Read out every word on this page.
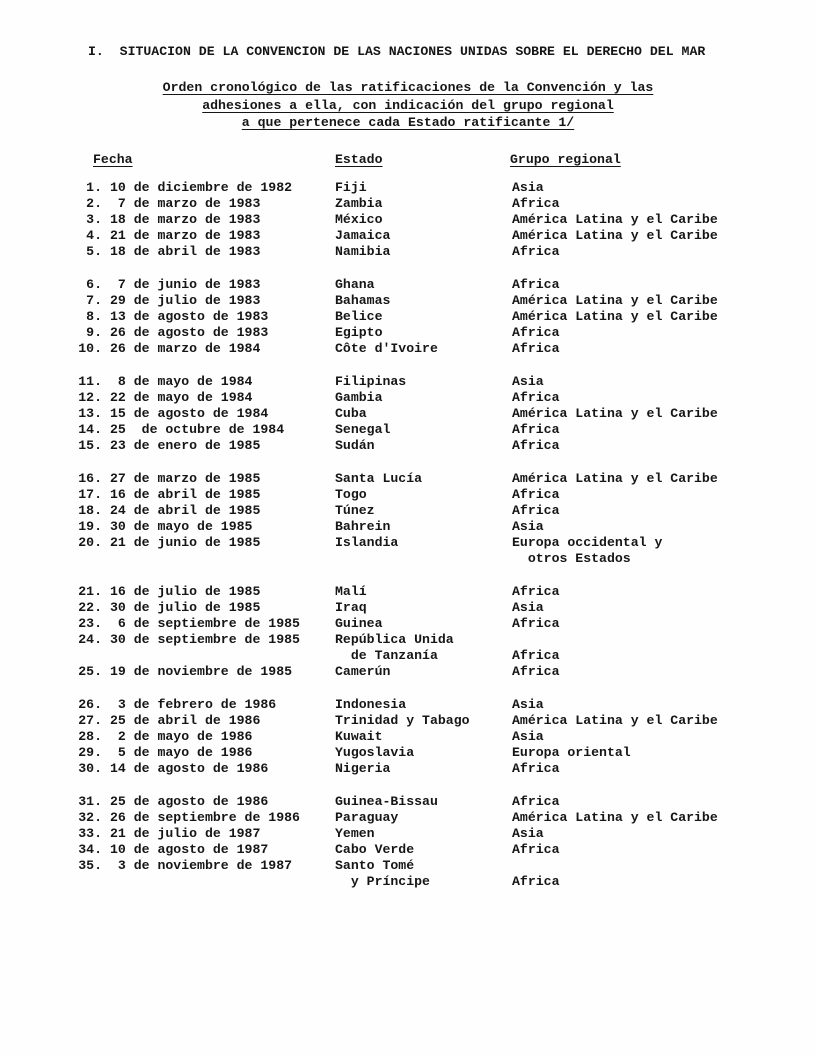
I.  SITUACION DE LA CONVENCION DE LAS NACIONES UNIDAS SOBRE EL DERECHO DEL MAR
Orden cronológico de las ratificaciones de la Convención y las
adhesiones a ella, con indicación del grupo regional
a que pertenece cada Estado ratificante 1/
Fecha	Estado	Grupo regional
1. 10 de diciembre de 1982	Fiji	Asia
2. 7 de marzo de 1983	Zambia	Africa
3. 18 de marzo de 1983	México	América Latina y el Caribe
4. 21 de marzo de 1983	Jamaica	América Latina y el Caribe
5. 18 de abril de 1983	Namibia	Africa
6. 7 de junio de 1983	Ghana	Africa
7. 29 de julio de 1983	Bahamas	América Latina y el Caribe
8. 13 de agosto de 1983	Belice	América Latina y el Caribe
9. 26 de agosto de 1983	Egipto	Africa
10. 26 de marzo de 1984	Côte d'Ivoire	Africa
11. 8 de mayo de 1984	Filipinas	Asia
12. 22 de mayo de 1984	Gambia	Africa
13. 15 de agosto de 1984	Cuba	América Latina y el Caribe
14. 25  de octubre de 1984	Senegal	Africa
15. 23 de enero de 1985	Sudán	Africa
16. 27 de marzo de 1985	Santa Lucía	América Latina y el Caribe
17. 16 de abril de 1985	Togo	Africa
18. 24 de abril de 1985	Túnez	Africa
19. 30 de mayo de 1985	Bahrein	Asia
20. 21 de junio de 1985	Islandia	Europa occidental y
otros Estados
21. 16 de julio de 1985	Malí	Africa
22. 30 de julio de 1985	Iraq	Asia
23. 6 de septiembre de 1985	Guinea	Africa
24. 30 de septiembre de 1985	República Unida
de Tanzanía	Africa
25. 19 de noviembre de 1985	Camerún	Africa
26. 3 de febrero de 1986	Indonesia	Asia
27. 25 de abril de 1986	Trinidad y Tabago	América Latina y el Caribe
28. 2 de mayo de 1986	Kuwait	Asia
29. 5 de mayo de 1986	Yugoslavia	Europa oriental
30. 14 de agosto de 1986	Nigeria	Africa
31. 25 de agosto de 1986	Guinea-Bissau	Africa
32. 26 de septiembre de 1986	Paraguay	América Latina y el Caribe
33. 21 de julio de 1987	Yemen	Asia
34. 10 de agosto de 1987	Cabo Verde	Africa
35. 3 de noviembre de 1987	Santo Tomé
y Príncipe	Africa
